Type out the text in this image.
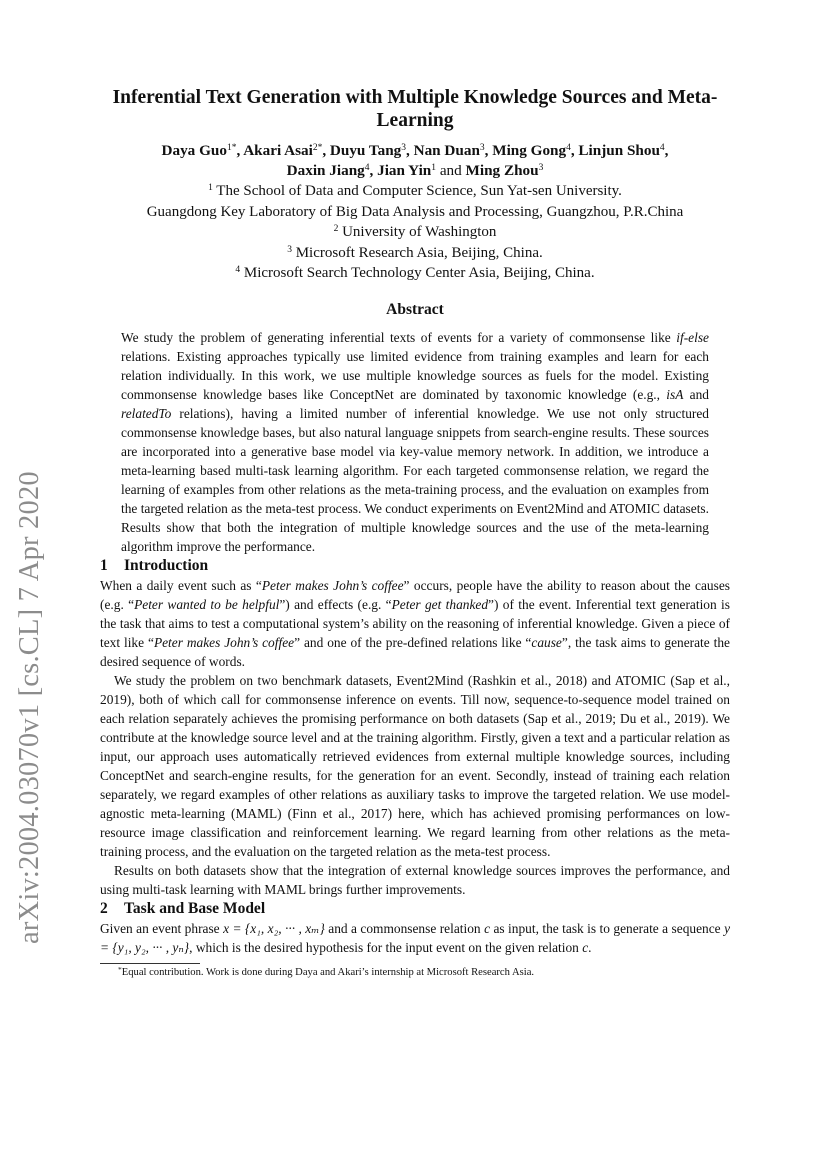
arXiv:2004.03070v1 [cs.CL] 7 Apr 2020
Inferential Text Generation with Multiple Knowledge Sources and Meta-Learning
Daya Guo$^{1*}$, Akari Asai$^{2*}$, Duyu Tang$^3$, Nan Duan$^3$, Ming Gong$^4$, Linjun Shou$^4$,
Daxin Jiang$^4$, Jian Yin$^1$ and Ming Zhou$^3$
$^1$ The School of Data and Computer Science, Sun Yat-sen University.
Guangdong Key Laboratory of Big Data Analysis and Processing, Guangzhou, P.R.China
$^2$ University of Washington
$^3$ Microsoft Research Asia, Beijing, China.
$^4$ Microsoft Search Technology Center Asia, Beijing, China.
Abstract
We study the problem of generating inferential texts of events for a variety of commonsense like if-else relations. Existing approaches typically use limited evidence from training examples and learn for each relation individually. In this work, we use multiple knowledge sources as fuels for the model. Existing commonsense knowledge bases like ConceptNet are dominated by taxonomic knowledge (e.g., isA and relatedTo relations), having a limited number of inferential knowledge. We use not only structured commonsense knowledge bases, but also natural language snippets from search-engine results. These sources are incorporated into a generative base model via key-value memory network. In addition, we introduce a meta-learning based multi-task learning algorithm. For each targeted commonsense relation, we regard the learning of examples from other relations as the meta-training process, and the evaluation on examples from the targeted relation as the meta-test process. We conduct experiments on Event2Mind and ATOMIC datasets. Results show that both the integration of multiple knowledge sources and the use of the meta-learning algorithm improve the performance.
1 Introduction

When a daily event such as “Peter makes John’s coffee” occurs, people have the ability to reason about the causes (e.g. “Peter wanted to be helpful”) and effects (e.g. “Peter get thanked”) of the event. Inferential text generation is the task that aims to test a computational system’s ability on the reasoning of inferential knowledge. Given a piece of text like “Peter makes John’s coffee” and one of the pre-defined relations like “cause”, the task aims to generate the desired sequence of words.

We study the problem on two benchmark datasets, Event2Mind (Rashkin et al., 2018) and ATOMIC (Sap et al., 2019), both of which call for commonsense inference on events. Till now, sequence-to-sequence model trained on each relation separately achieves the promising performance on both datasets (Sap et al., 2019; Du et al., 2019). We contribute at the knowledge source level and at the training algorithm. Firstly, given a text and a particular relation as input, our approach uses automatically retrieved evidences from external multiple knowledge sources, including ConceptNet and search-engine results, for the generation for an event. Secondly, instead of training each relation separately, we regard examples of other relations as auxiliary tasks to improve the targeted relation. We use model-agnostic meta-learning (MAML) (Finn et al., 2017) here, which has achieved promising performances on low-resource image classification and reinforcement learning. We regard learning from other relations as the meta-training process, and the evaluation on the targeted relation as the meta-test process.

Results on both datasets show that the integration of external knowledge sources improves the performance, and using multi-task learning with MAML brings further improvements.

2 Task and Base Model

Given an event phrase x = {x₁, x₂, ··· , xₘ} and a commonsense relation c as input, the task is to generate a sequence y = {y₁, y₂, ··· , yₙ}, which is the desired hypothesis for the input event on the given relation c.

*Equal contribution. Work is done during Daya and Akari’s internship at Microsoft Research Asia.
